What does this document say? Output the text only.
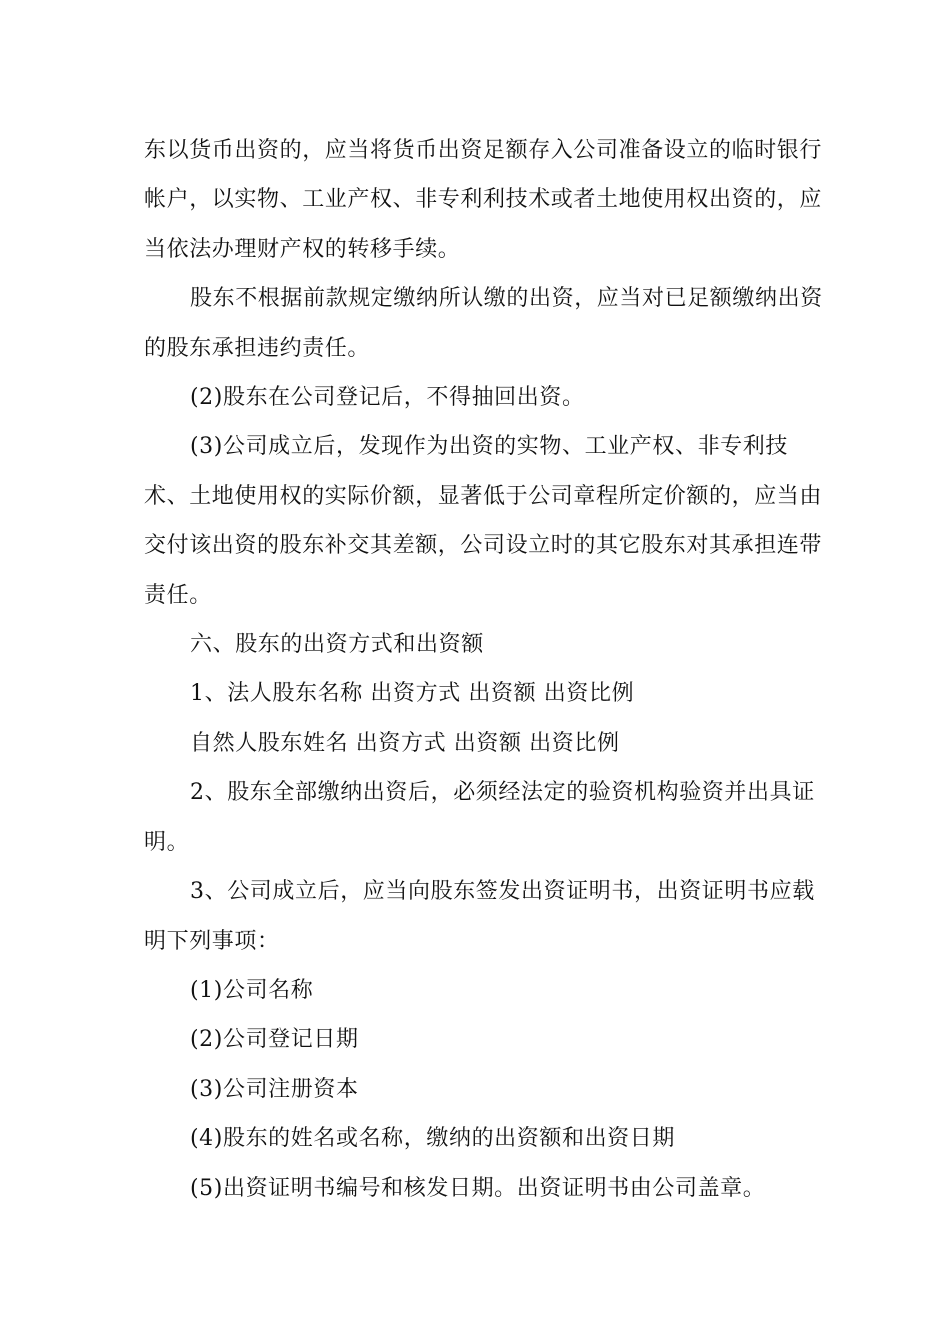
东以货币出资的，应当将货币出资足额存入公司准备设立的临时银行帐户，以实物、工业产权、非专利利技术或者土地使用权出资的，应当依法办理财产权的转移手续。

股东不根据前款规定缴纳所认缴的出资，应当对已足额缴纳出资的股东承担违约责任。

(2)股东在公司登记后，不得抽回出资。

(3)公司成立后，发现作为出资的实物、工业产权、非专利技术、土地使用权的实际价额，显著低于公司章程所定价额的，应当由交付该出资的股东补交其差额，公司设立时的其它股东对其承担连带责任。

六、股东的出资方式和出资额

1、法人股东名称 出资方式 出资额 出资比例

自然人股东姓名 出资方式 出资额 出资比例

2、股东全部缴纳出资后，必须经法定的验资机构验资并出具证明。

3、公司成立后，应当向股东签发出资证明书，出资证明书应载明下列事项：

(1)公司名称

(2)公司登记日期

(3)公司注册资本

(4)股东的姓名或名称，缴纳的出资额和出资日期

(5)出资证明书编号和核发日期。出资证明书由公司盖章。
